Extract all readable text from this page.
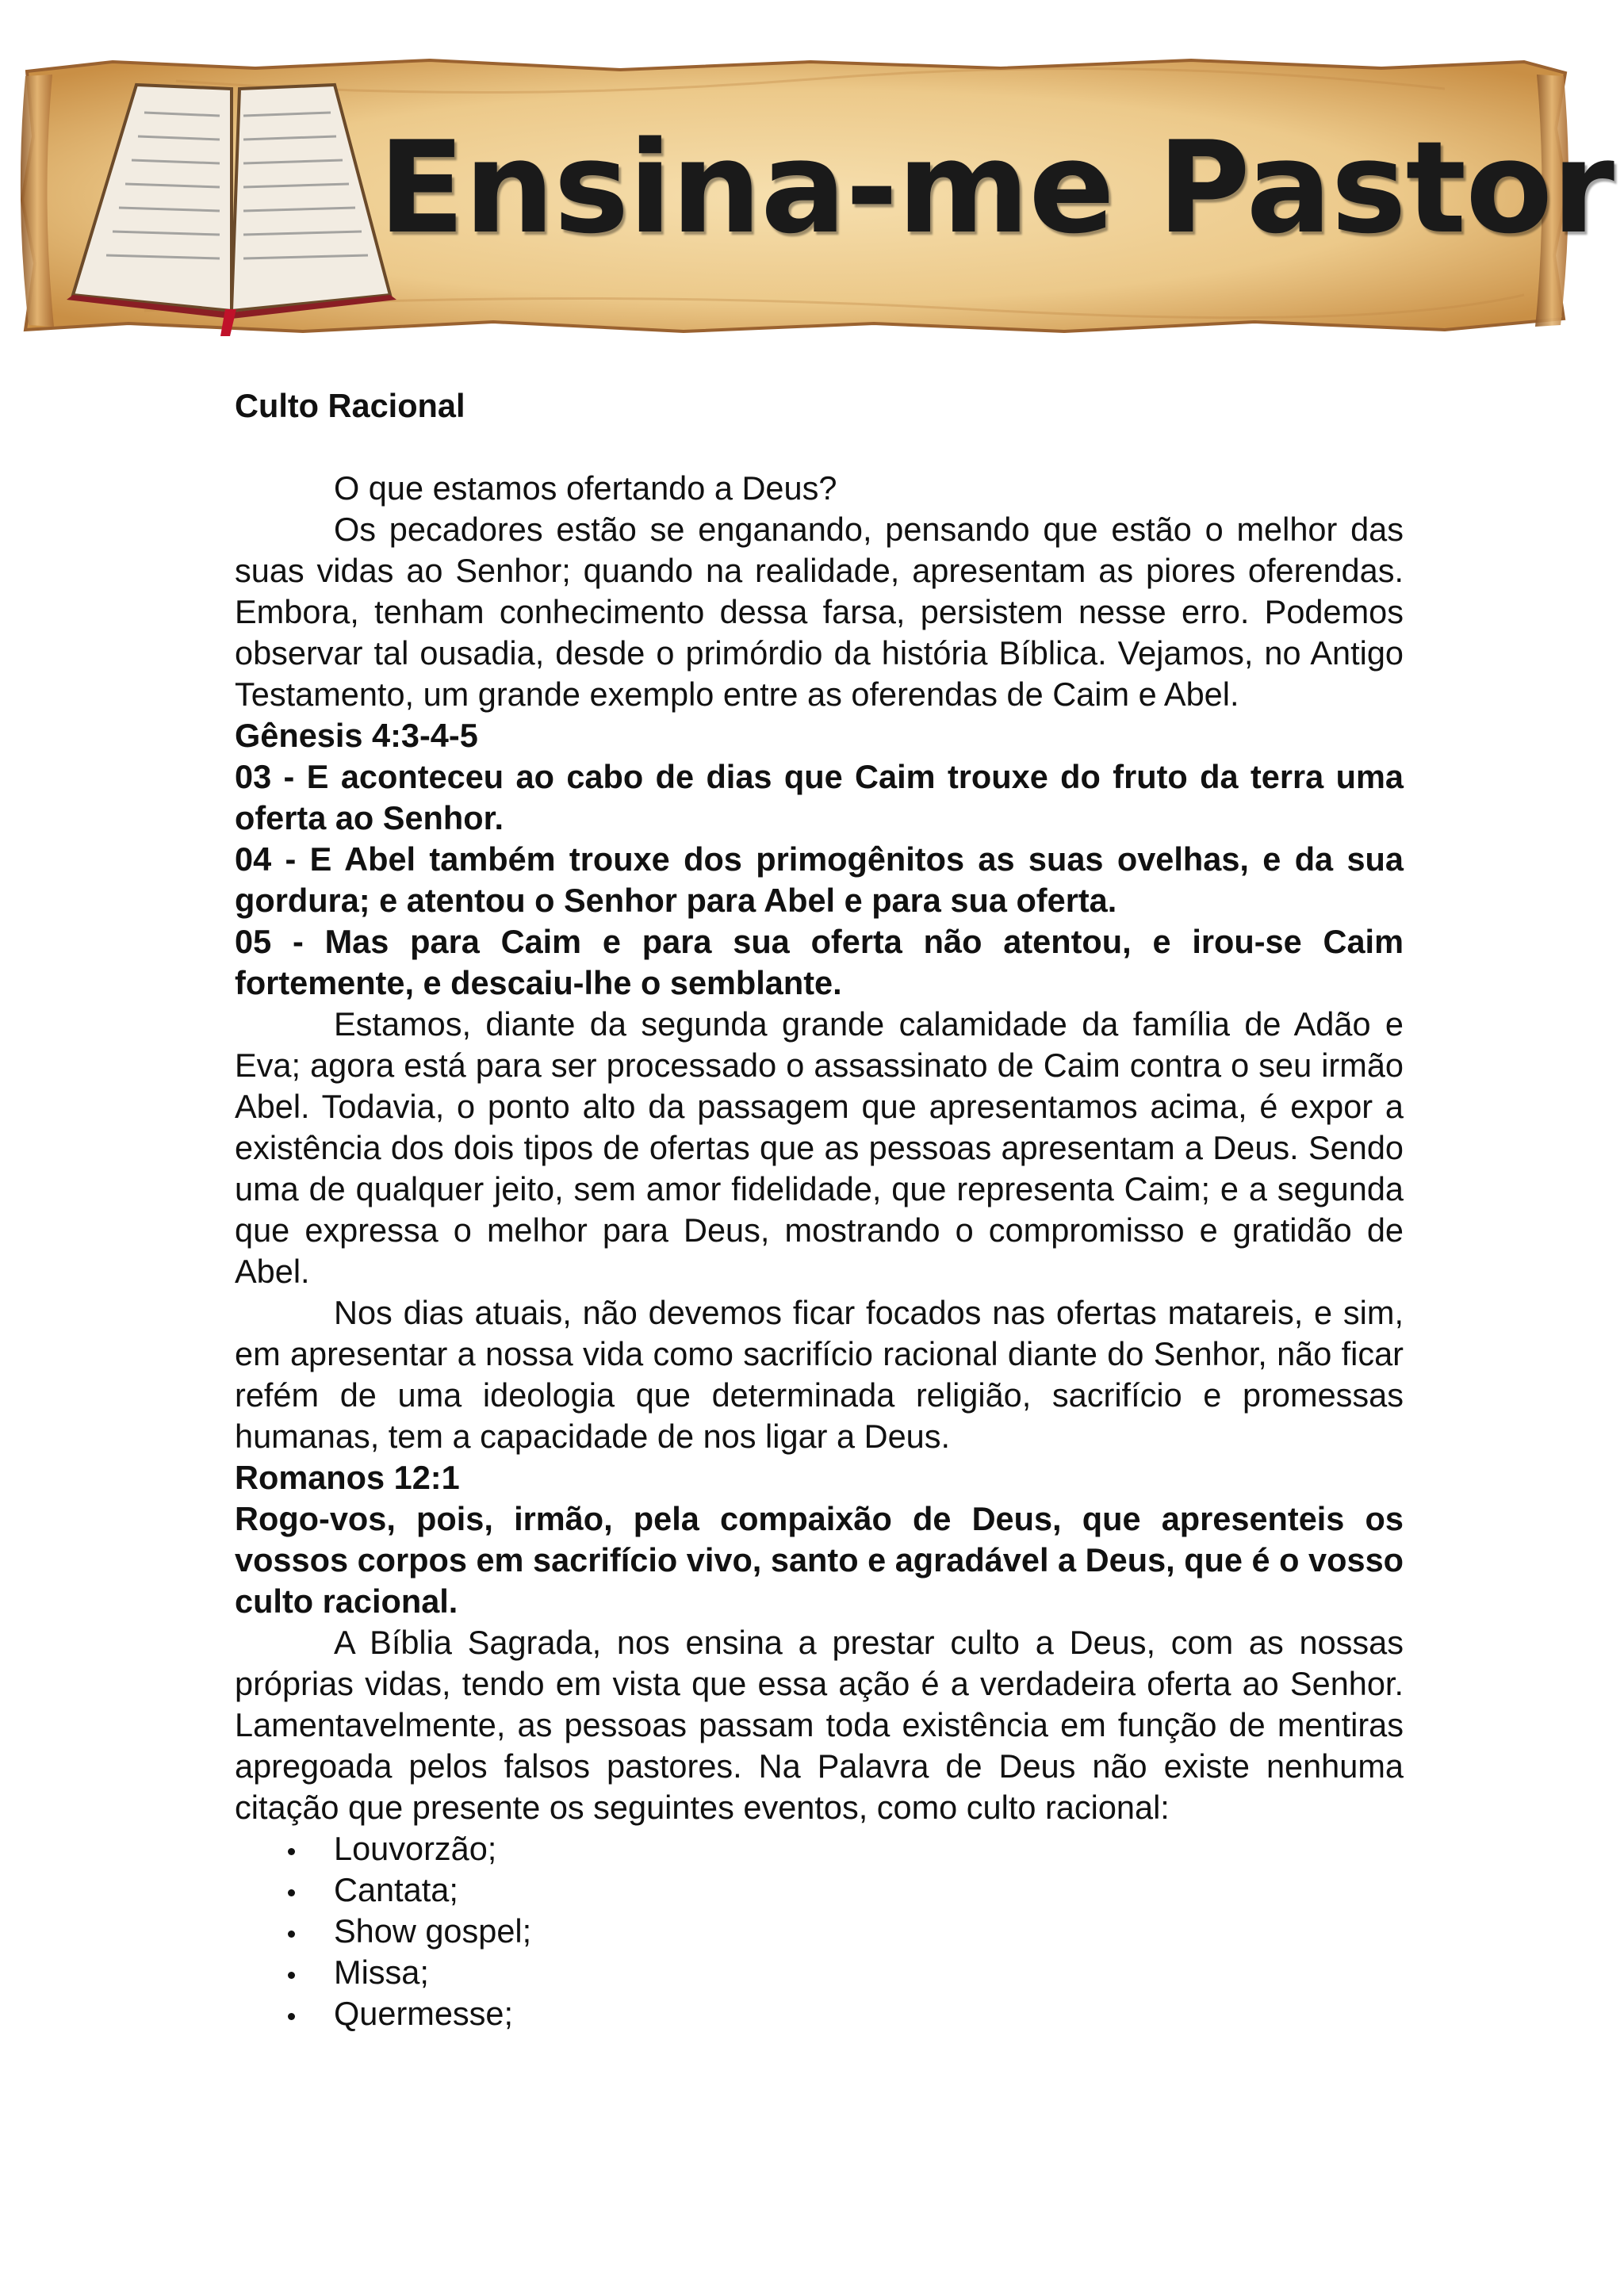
Ensina-me Pastor

Culto Racional

O que estamos ofertando a Deus?

Os pecadores estão se enganando, pensando que estão o melhor das suas vidas ao Senhor; quando na realidade, apresentam as piores oferendas. Embora, tenham conhecimento dessa farsa, persistem nesse erro. Podemos observar tal ousadia, desde o primórdio da história Bíblica. Vejamos, no Antigo Testamento, um grande exemplo entre as oferendas de Caim e Abel.

Gênesis 4:3-4-5

03 - E aconteceu ao cabo de dias que Caim trouxe do fruto da terra uma oferta ao Senhor.

04 - E Abel também trouxe dos primogênitos as suas ovelhas, e da sua gordura; e atentou o Senhor para Abel e para sua oferta.

05 - Mas para Caim e para sua oferta não atentou, e irou-se Caim fortemente, e descaiu-lhe o semblante.

Estamos, diante da segunda grande calamidade da família de Adão e Eva; agora está para ser processado o assassinato de Caim contra o seu irmão Abel. Todavia, o ponto alto da passagem que apresentamos acima, é expor a existência dos dois tipos de ofertas que as pessoas apresentam a Deus. Sendo uma de qualquer jeito, sem amor fidelidade, que representa Caim; e a segunda que expressa o melhor para Deus, mostrando o compromisso e gratidão de Abel.

Nos dias atuais, não devemos ficar focados nas ofertas matareis, e sim, em apresentar a nossa vida como sacrifício racional diante do Senhor, não ficar refém de uma ideologia que determinada religião, sacrifício e promessas humanas, tem a capacidade de nos ligar a Deus.

Romanos 12:1

Rogo-vos, pois, irmão, pela compaixão de Deus, que apresenteis os vossos corpos em sacrifício vivo, santo e agradável a Deus, que é o vosso culto racional.

A Bíblia Sagrada, nos ensina a prestar culto a Deus, com as nossas próprias vidas, tendo em vista que essa ação é a verdadeira oferta ao Senhor. Lamentavelmente, as pessoas passam toda existência em função de mentiras apregoada pelos falsos pastores. Na Palavra de Deus não existe nenhuma citação que presente os seguintes eventos, como culto racional:

Louvorzão;
Cantata;
Show gospel;
Missa;
Quermesse;
